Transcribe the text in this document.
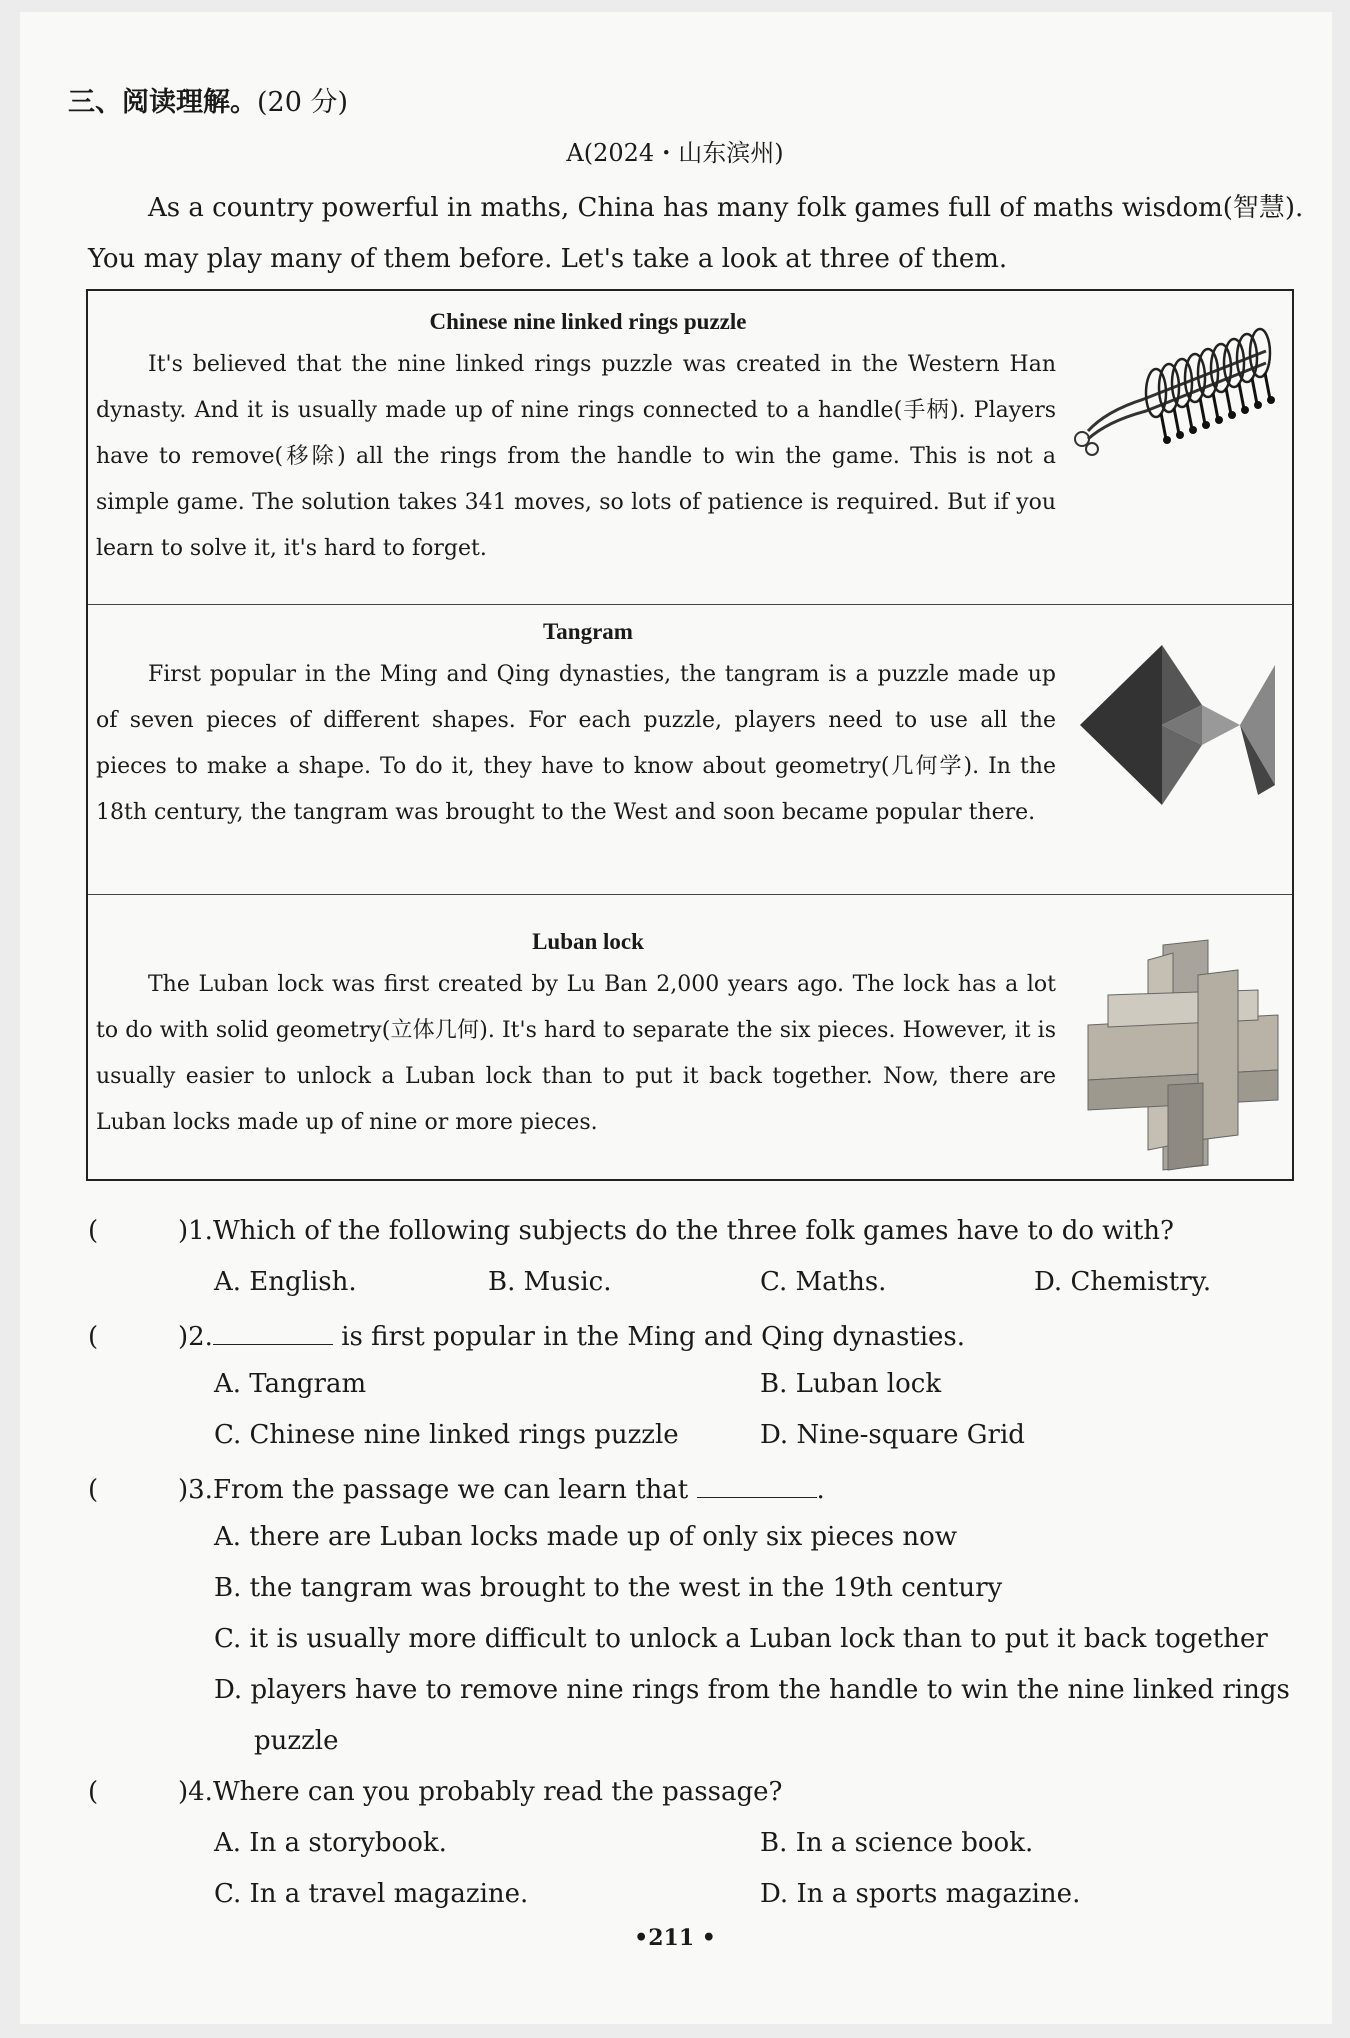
三、阅读理解。(20 分)
A(2024・山东滨州)
As a country powerful in maths, China has many folk games full of maths wisdom(智慧). You may play many of them before. Let's take a look at three of them.
Chinese nine linked rings puzzle
It's believed that the nine linked rings puzzle was created in the Western Han dynasty. And it is usually made up of nine rings connected to a handle(手柄). Players have to remove(移除) all the rings from the handle to win the game. This is not a simple game. The solution takes 341 moves, so lots of patience is required. But if you learn to solve it, it's hard to forget.
Tangram
First popular in the Ming and Qing dynasties, the tangram is a puzzle made up of seven pieces of different shapes. For each puzzle, players need to use all the pieces to make a shape. To do it, they have to know about geometry(几何学). In the 18th century, the tangram was brought to the West and soon became popular there.
Luban lock
The Luban lock was first created by Lu Ban 2,000 years ago. The lock has a lot to do with solid geometry(立体几何). It's hard to separate the six pieces. However, it is usually easier to unlock a Luban lock than to put it back together. Now, there are Luban locks made up of nine or more pieces.
(	)1.Which of the following subjects do the three folk games have to do with?
A. English.	B. Music.	C. Maths.	D. Chemistry.
(	)2.	is first popular in the Ming and Qing dynasties.
A. Tangram	B. Luban lock
C. Chinese nine linked rings puzzle	D. Nine-square Grid
(	)3.From the passage we can learn that	.
A. there are Luban locks made up of only six pieces now
B. the tangram was brought to the west in the 19th century
C. it is usually more difficult to unlock a Luban lock than to put it back together
D. players have to remove nine rings from the handle to win the nine linked rings
puzzle
(	)4.Where can you probably read the passage?
A. In a storybook.	B. In a science book.
C. In a travel magazine.	D. In a sports magazine.
•211 •
